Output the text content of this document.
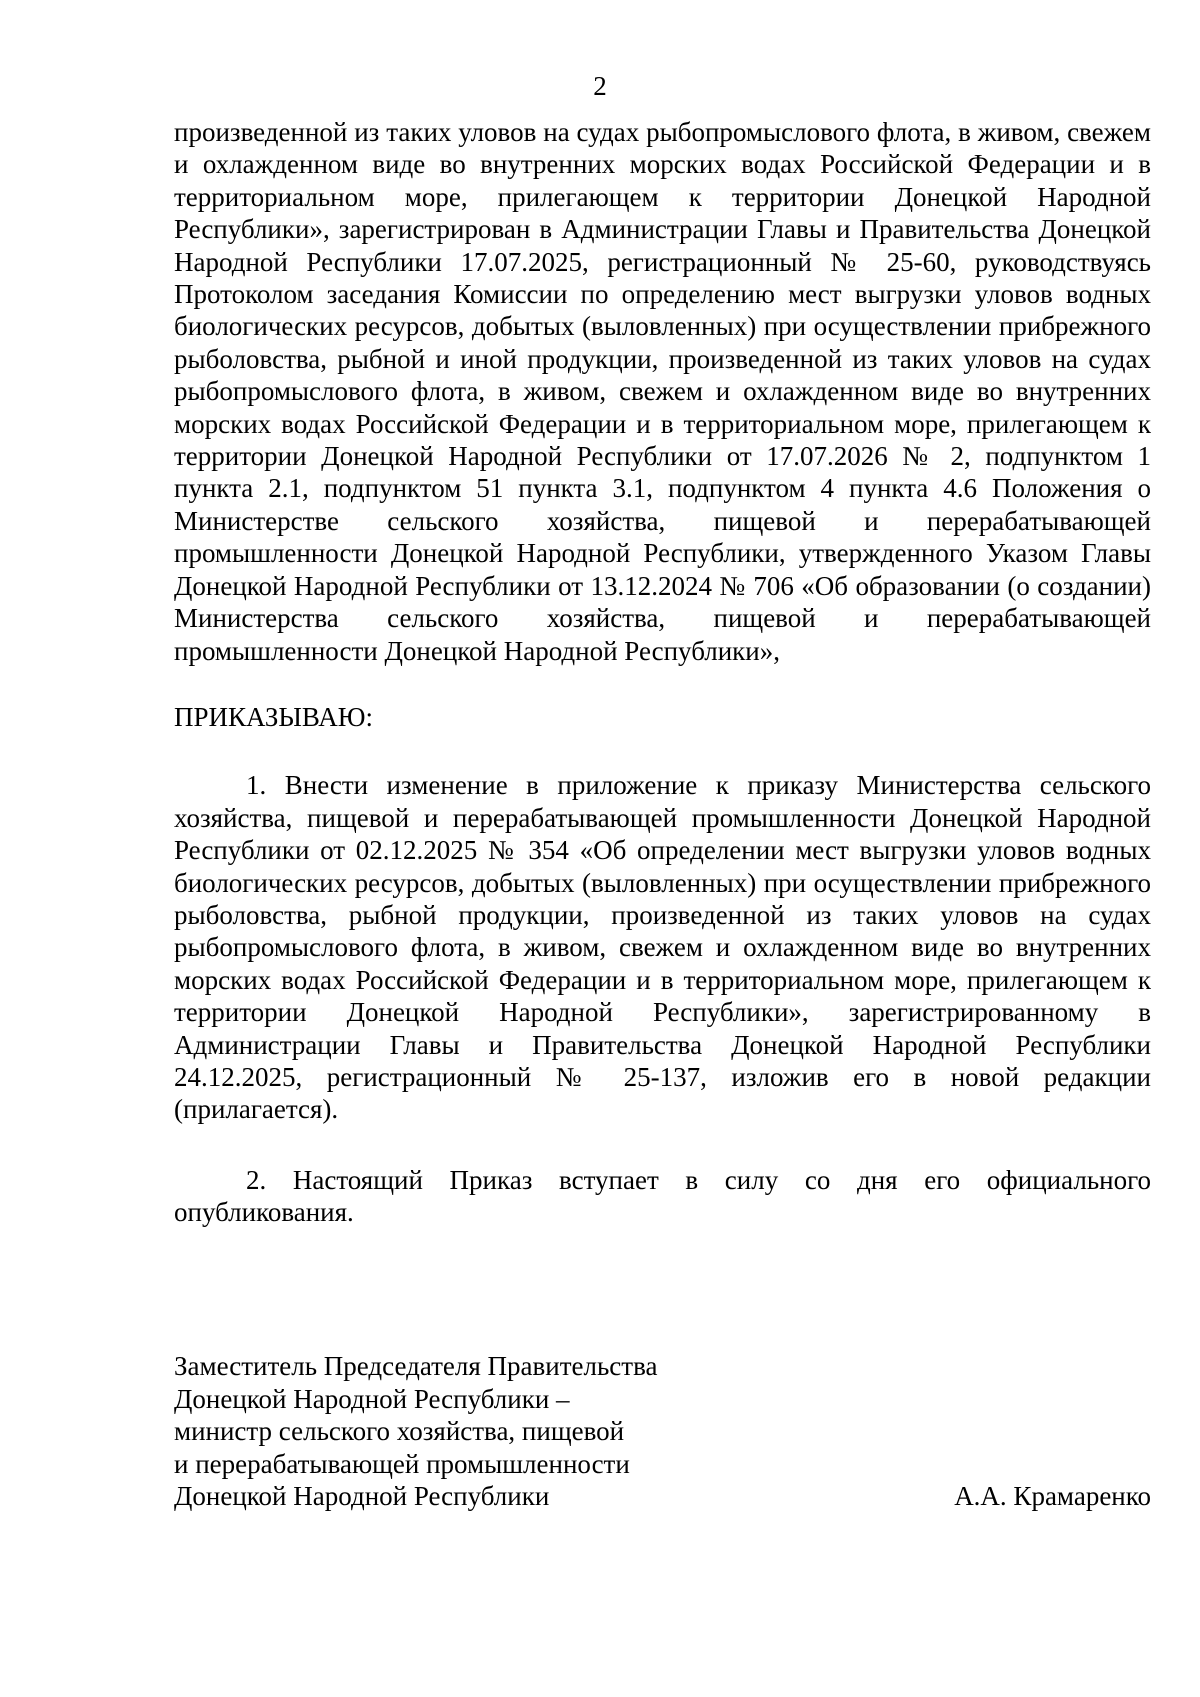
2

произведенной из таких уловов на судах рыбопромыслового флота, в живом, свежем и охлажденном виде во внутренних морских водах Российской Федерации и в территориальном море, прилегающем к территории Донецкой Народной Республики», зарегистрирован в Администрации Главы и Правительства Донецкой Народной Республики 17.07.2025, регистрационный № 25-60, руководствуясь Протоколом заседания Комиссии по определению мест выгрузки уловов водных биологических ресурсов, добытых (выловленных) при осуществлении прибрежного рыболовства, рыбной и иной продукции, произведенной из таких уловов на судах рыбопромыслового флота, в живом, свежем и охлажденном виде во внутренних морских водах Российской Федерации и в территориальном море, прилегающем к территории Донецкой Народной Республики от 17.07.2026 № 2, подпунктом 1 пункта 2.1, подпунктом 51 пункта 3.1, подпунктом 4 пункта 4.6 Положения о Министерстве сельского хозяйства, пищевой и перерабатывающей промышленности Донецкой Народной Республики, утвержденного Указом Главы Донецкой Народной Республики от 13.12.2024 № 706 «Об образовании (о создании) Министерства сельского хозяйства, пищевой и перерабатывающей промышленности Донецкой Народной Республики»,

ПРИКАЗЫВАЮ:

1. Внести изменение в приложение к приказу Министерства сельского хозяйства, пищевой и перерабатывающей промышленности Донецкой Народной Республики от 02.12.2025 № 354 «Об определении мест выгрузки уловов водных биологических ресурсов, добытых (выловленных) при осуществлении прибрежного рыболовства, рыбной продукции, произведенной из таких уловов на судах рыбопромыслового флота, в живом, свежем и охлажденном виде во внутренних морских водах Российской Федерации и в территориальном море, прилегающем к территории Донецкой Народной Республики», зарегистрированному в Администрации Главы и Правительства Донецкой Народной Республики 24.12.2025, регистрационный № 25-137, изложив его в новой редакции (прилагается).

2. Настоящий Приказ вступает в силу со дня его официального опубликования.

Заместитель Председателя Правительства
Донецкой Народной Республики –
министр сельского хозяйства, пищевой
и перерабатывающей промышленности
Донецкой Народной Республики	А.А. Крамаренко
